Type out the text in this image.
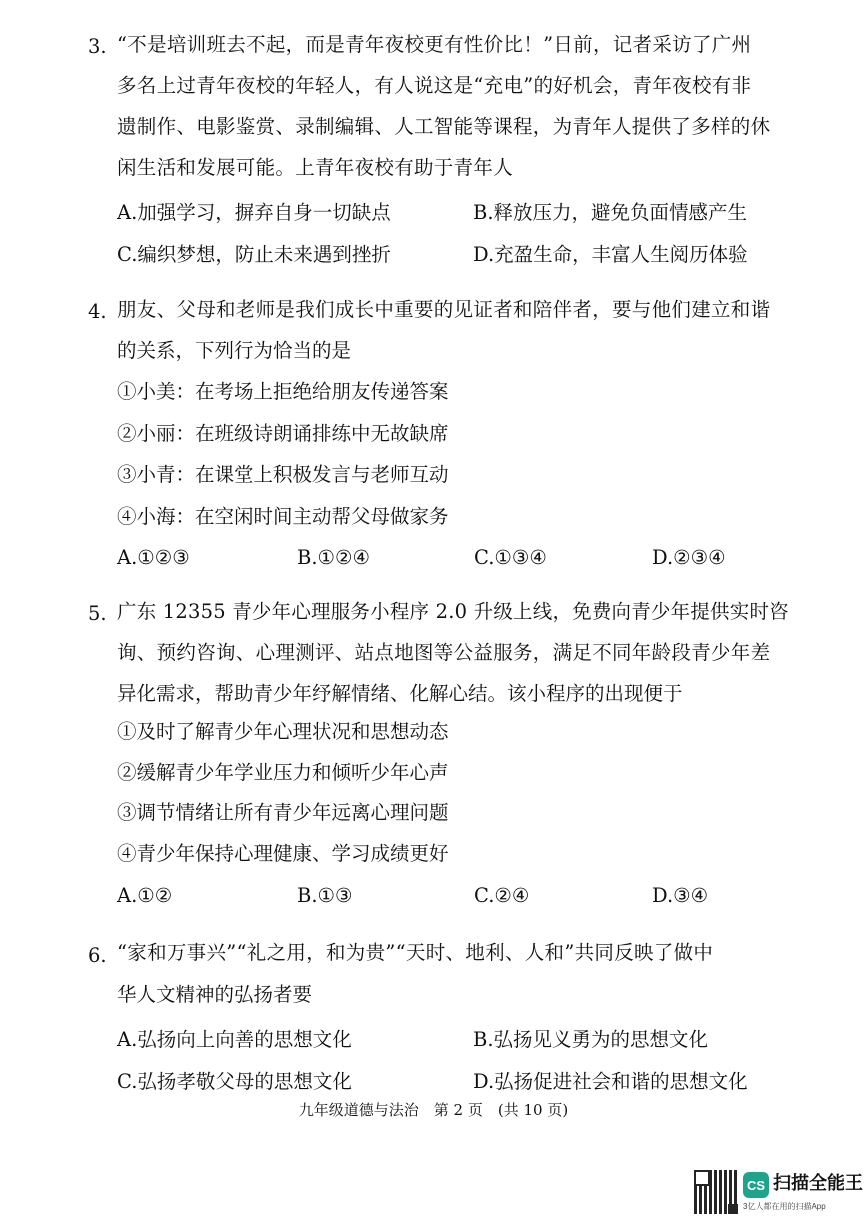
3. “不是培训班去不起，而是青年夜校更有性价比！”日前，记者采访了广州
多名上过青年夜校的年轻人，有人说这是“充电”的好机会，青年夜校有非
遗制作、电影鉴赏、录制编辑、人工智能等课程，为青年人提供了多样的休
闲生活和发展可能。上青年夜校有助于青年人
A.加强学习，摒弃自身一切缺点	B.释放压力，避免负面情感产生
C.编织梦想，防止未来遇到挫折	D.充盈生命，丰富人生阅历体验
4. 朋友、父母和老师是我们成长中重要的见证者和陪伴者，要与他们建立和谐
的关系，下列行为恰当的是
①小美：在考场上拒绝给朋友传递答案
②小丽：在班级诗朗诵排练中无故缺席
③小青：在课堂上积极发言与老师互动
④小海：在空闲时间主动帮父母做家务
A.①②③	B.①②④	C.①③④	D.②③④
5. 广东 12355 青少年心理服务小程序 2.0 升级上线，免费向青少年提供实时咨
询、预约咨询、心理测评、站点地图等公益服务，满足不同年龄段青少年差
异化需求，帮助青少年纾解情绪、化解心结。该小程序的出现便于
①及时了解青少年心理状况和思想动态
②缓解青少年学业压力和倾听少年心声
③调节情绪让所有青少年远离心理问题
④青少年保持心理健康、学习成绩更好
A.①②	B.①③	C.②④	D.③④
6. “家和万事兴”“礼之用，和为贵”“天时、地利、人和”共同反映了做中
华人文精神的弘扬者要
A.弘扬向上向善的思想文化	B.弘扬见义勇为的思想文化
C.弘扬孝敬父母的思想文化	D.弘扬促进社会和谐的思想文化
九年级道德与法治　第 2 页　(共 10 页)
CS 扫描全能王
3亿人都在用的扫描App
